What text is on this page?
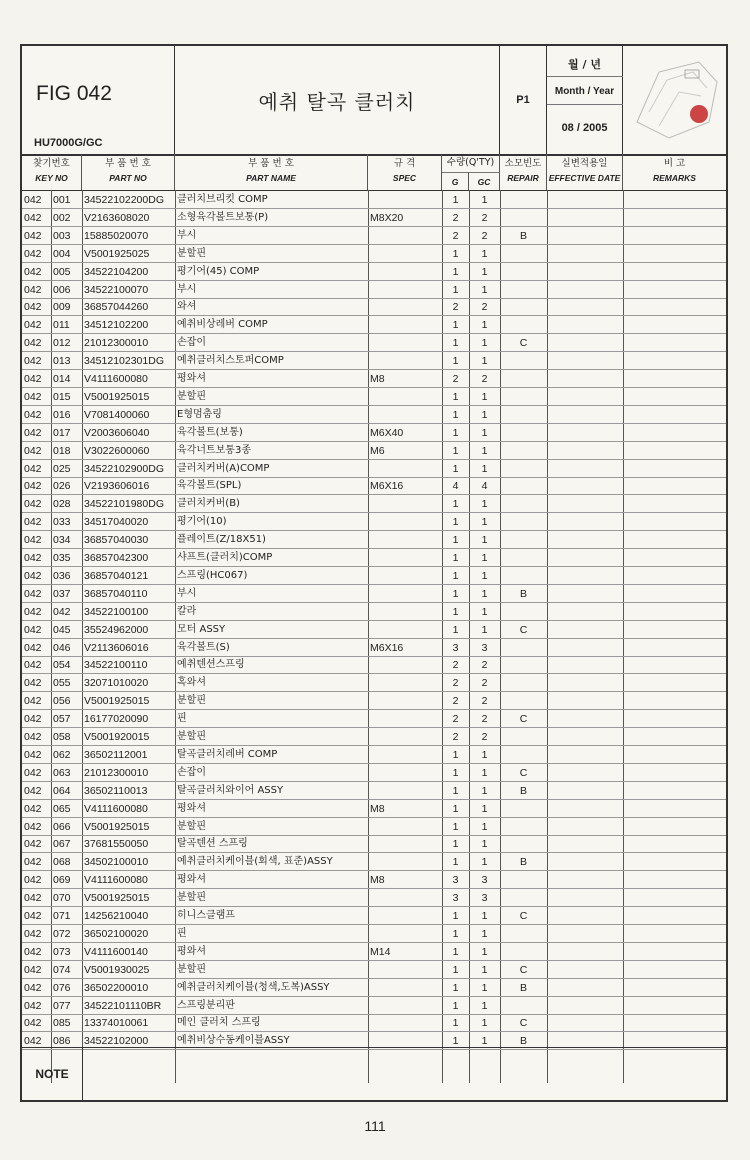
FIG 042
HU7000G/GC
예취 탈곡 클러치	P1
월 / 년
Month / Year
08 / 2005
찾기번호
KEY NO
부 품 번 호
PART NO
부 품 번 호
PART NAME
규 격
SPEC
수량(Q'TY)
G	GC
소모빈도
REPAIR
실변적용일
EFFECTIVE DATE
비 고
REMARKS
042	001	34522102200DG	클러치브리킷 COMP	1	1
042	002	V2163608020	소형육각볼트보통(P)	M8X20	2	2
042	003	15885020070	부시	2	2	B
042	004	V5001925025	분할핀	1	1
042	005	34522104200	평기어(45) COMP	1	1
042	006	34522100070	부시	1	1
042	009	36857044260	와셔	2	2
042	011	34512102200	예취비상레버 COMP	1	1
042	012	21012300010	손잡이	1	1	C
042	013	34512102301DG	예취클러치스토퍼COMP	1	1
042	014	V4111600080	평와셔	M8	2	2
042	015	V5001925015	분할핀	1	1
042	016	V7081400060	E형멈춤링	1	1
042	017	V2003606040	육각볼트(보통)	M6X40	1	1
042	018	V3022600060	육각너트보통3종	M6	1	1
042	025	34522102900DG	클러치커버(A)COMP	1	1
042	026	V2193606016	육각볼트(SPL)	M6X16	4	4
042	028	34522101980DG	클러치커버(B)	1	1
042	033	34517040020	평기어(10)	1	1
042	034	36857040030	플레이트(Z/18X51)	1	1
042	035	36857042300	샤프트(클러치)COMP	1	1
042	036	36857040121	스프링(HC067)	1	1
042	037	36857040110	부시	1	1	B
042	042	34522100100	칼라	1	1
042	045	35524962000	모터 ASSY	1	1	C
042	046	V2113606016	육각볼트(S)	M6X16	3	3
042	054	34522100110	예취텐션스프링	2	2
042	055	32071010020	혹와셔	2	2
042	056	V5001925015	분할핀	2	2
042	057	16177020090	핀	2	2	C
042	058	V5001920015	분할핀	2	2
042	062	36502112001	탈곡클러치레버 COMP	1	1
042	063	21012300010	손잡이	1	1	C
042	064	36502110013	탈곡클러치와이어 ASSY	1	1	B
042	065	V4111600080	평와셔	M8	1	1
042	066	V5001925015	분할핀	1	1
042	067	37681550050	탈곡텐션 스프링	1	1
042	068	34502100010	예취클러치케이블(회색, 표준)ASSY	1	1	B
042	069	V4111600080	평와셔	M8	3	3
042	070	V5001925015	분할핀	3	3
042	071	14256210040	히니스클램프	1	1	C
042	072	36502100020	핀	1	1
042	073	V4111600140	평와셔	M14	1	1
042	074	V5001930025	분할핀	1	1	C
042	076	36502200010	예취클러치케이블(청색,도복)ASSY	1	1	B
042	077	34522101110BR	스프링분리판	1	1
042	085	13374010061	메인 클러치 스프링	1	1	C
042	086	34522102000	예취비상수동케이블ASSY	1	1	B
NOTE
111
